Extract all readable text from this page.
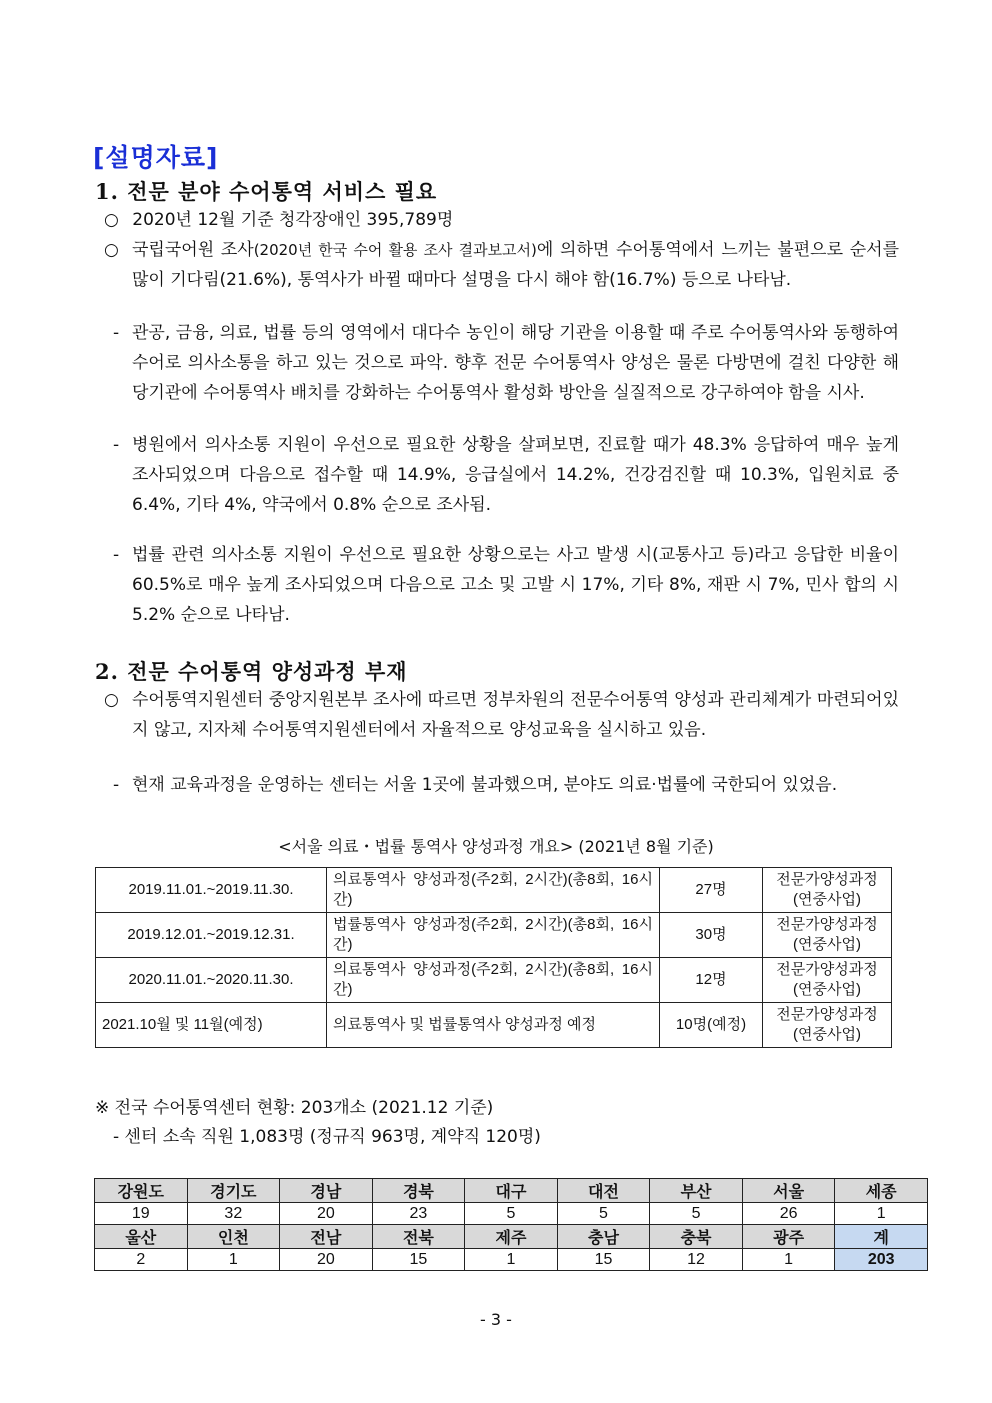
[설명자료]
1. 전문 분야 수어통역 서비스 필요
○ 2020년 12월 기준 청각장애인 395,789명
○ 국립국어원 조사(2020년 한국 수어 활용 조사 결과보고서)에 의하면 수어통역에서 느끼는 불편으로 순서를 많이 기다림(21.6%), 통역사가 바뀔 때마다 설명을 다시 해야 함(16.7%) 등으로 나타남.
- 관공, 금융, 의료, 법률 등의 영역에서 대다수 농인이 해당 기관을 이용할 때 주로 수어통역사와 동행하여 수어로 의사소통을 하고 있는 것으로 파악. 향후 전문 수어통역사 양성은 물론 다방면에 걸친 다양한 해당기관에 수어통역사 배치를 강화하는 수어통역사 활성화 방안을 실질적으로 강구하여야 함을 시사.
- 병원에서 의사소통 지원이 우선으로 필요한 상황을 살펴보면, 진료할 때가 48.3% 응답하여 매우 높게 조사되었으며 다음으로 접수할 때 14.9%, 응급실에서 14.2%, 건강검진할 때 10.3%, 입원치료 중 6.4%, 기타 4%, 약국에서 0.8% 순으로 조사됨.
- 법률 관련 의사소통 지원이 우선으로 필요한 상황으로는 사고 발생 시(교통사고 등)라고 응답한 비율이 60.5%로 매우 높게 조사되었으며 다음으로 고소 및 고발 시 17%, 기타 8%, 재판 시 7%, 민사 합의 시 5.2% 순으로 나타남.
2. 전문 수어통역 양성과정 부재
○ 수어통역지원센터 중앙지원본부 조사에 따르면 정부차원의 전문수어통역 양성과 관리체계가 마련되어있지 않고, 지자체 수어통역지원센터에서 자율적으로 양성교육을 실시하고 있음.
- 현재 교육과정을 운영하는 센터는 서울 1곳에 불과했으며, 분야도 의료·법률에 국한되어 있었음.
<서울 의료・법률 통역사 양성과정 개요> (2021년 8월 기준)
2019.11.01.~2019.11.30.	의료통역사 양성과정(주2회, 2시간)(총8회, 16시간)	27명	전문가양성과정(연중사업)
2019.12.01.~2019.12.31.	법률통역사 양성과정(주2회, 2시간)(총8회, 16시간)	30명	전문가양성과정(연중사업)
2020.11.01.~2020.11.30.	의료통역사 양성과정(주2회, 2시간)(총8회, 16시간)	12명	전문가양성과정(연중사업)
2021.10월 및 11월(예정)	의료통역사 및 법률통역사 양성과정 예정	10명(예정)	전문가양성과정(연중사업)
※ 전국 수어통역센터 현황: 203개소 (2021.12 기준)
- 센터 소속 직원 1,083명 (정규직 963명, 계약직 120명)
강원도	경기도	경남	경북	대구	대전	부산	서울	세종
19	32	20	23	5	5	5	26	1
울산	인천	전남	전북	제주	충남	충북	광주	계
2	1	20	15	1	15	12	1	203
- 3 -
